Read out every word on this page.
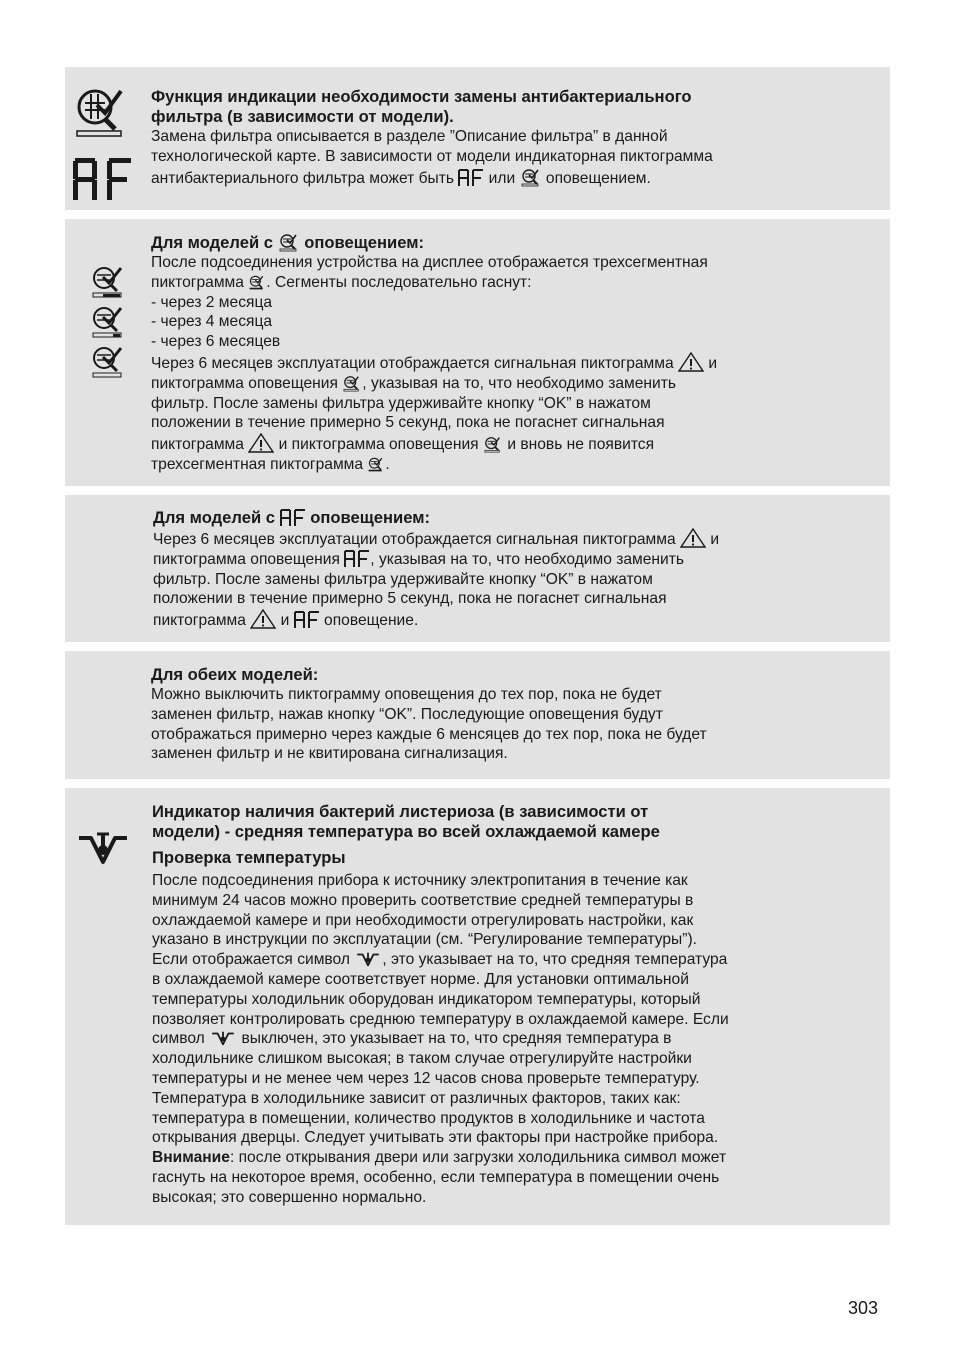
Функция индикации необходимости замены антибактериального
фильтра (в зависимости от модели).
Замена фильтра описывается в разделе ”Описание фильтра” в данной
технологической карте. В зависимости от модели индикаторная пиктограмма
антибактериального фильтра может быть или оповещением.
Для моделей с оповещением:
После подсоединения устройства на дисплее отображается трехсегментная
пиктограмма . Сегменты последовательно гаснут:
- через 2 месяца
- через 4 месяца
- через 6 месяцев
Через 6 месяцев эксплуатации отображдается сигнальная пиктограмма и
пиктограмма оповещения , указывая на то, что необходимо заменить
фильтр. После замены фильтра удерживайте кнопку “OK” в нажатом
положении в течение примерно 5 секунд, пока не погаснет сигнальная
пиктограмма и пиктограмма оповещения и вновь не появится
трехсегментная пиктограмма .
Для моделей с оповещением:
Через 6 месяцев эксплуатации отображдается сигнальная пиктограмма и
пиктограмма оповещения , указывая на то, что необходимо заменить
фильтр. После замены фильтра удерживайте кнопку “OK” в нажатом
положении в течение примерно 5 секунд, пока не погаснет сигнальная
пиктограмма и оповещение.
Для обеих моделей:
Можно выключить пиктограмму оповещения до тех пор, пока не будет
заменен фильтр, нажав кнопку “OK”. Последующие оповещения будут
отображаться примерно через каждые 6 менсяцев до тех пор, пока не будет
заменен фильтр и не квитирована сигнализация.
Индикатор наличия бактерий листериоза (в зависимости от
модели) - средняя температура во всей охлаждаемой камере
Проверка температуры
После подсоединения прибора к источнику электропитания в течение как
минимум 24 часов можно проверить соответствие средней температуры в
охлаждаемой камере и при необходимости отрегулировать настройки, как
указано в инструкции по эксплуатации (см. “Регулирование температуры”).
Если отображается символ , это указывает на то, что средняя температура
в охлаждаемой камере соответствует норме. Для установки оптимальной
температуры холодильник оборудован индикатором температуры, который
позволяет контролировать среднюю температуру в охлаждаемой камере. Если
символ выключен, это указывает на то, что средняя температура в
холодильнике слишком высокая; в таком случае отрегулируйте настройки
температуры и не менее чем через 12 часов снова проверьте температуру.
Температура в холодильнике зависит от различных факторов, таких как:
температура в помещении, количество продуктов в холодильнике и частота
открывания дверцы. Следует учитывать эти факторы при настройке прибора.
Внимание: после открывания двери или загрузки холодильника символ может
гаснуть на некоторое время, особенно, если температура в помещении очень
высокая; это совершенно нормально.
303
